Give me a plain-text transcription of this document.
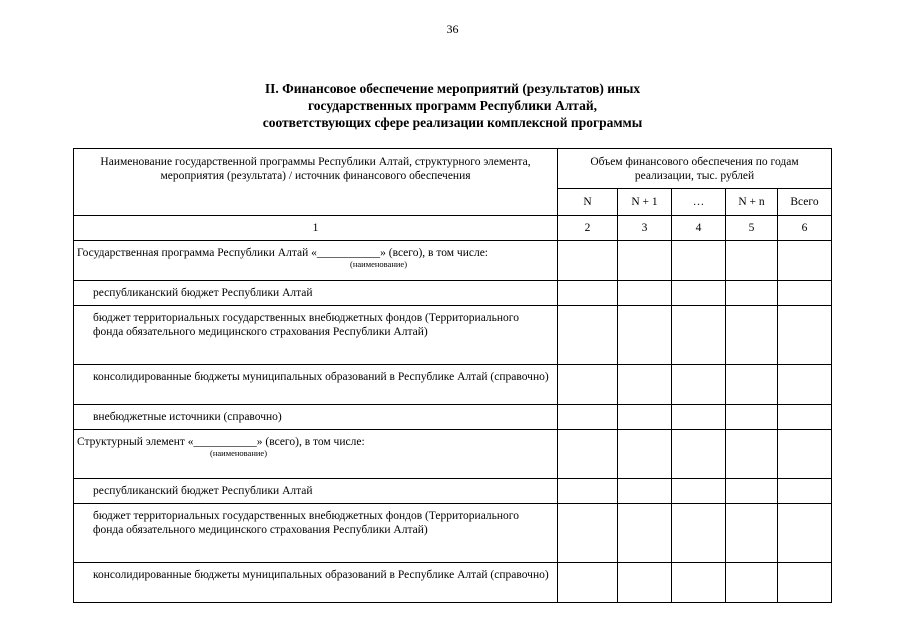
36
II. Финансовое обеспечение мероприятий (результатов) иных
государственных программ Республики Алтай,
соответствующих сфере реализации комплексной программы
Наименование государственной программы Республики Алтай, структурного элемента, мероприятия (результата) / источник финансового обеспечения	Объем финансового обеспечения по годам реализации, тыс. рублей				
	N	N + 1	…	N + n	Всего
1	2	3	4	5	6
Государственная программа Республики Алтай «___________» (всего), в том числе:
(наименование)					

республиканский бюджет Республики Алтай					
бюджет территориальных государственных внебюджетных фондов (Территориального фонда обязательного медицинского страхования Республики Алтай)					
консолидированные бюджеты муниципальных образований в Республике Алтай (справочно)					
внебюджетные источники (справочно)					
Структурный элемент «___________» (всего), в том числе:
(наименование)					

республиканский бюджет Республики Алтай					
бюджет территориальных государственных внебюджетных фондов (Территориального фонда обязательного медицинского страхования Республики Алтай)					
консолидированные бюджеты муниципальных образований в Республике Алтай (справочно)					
